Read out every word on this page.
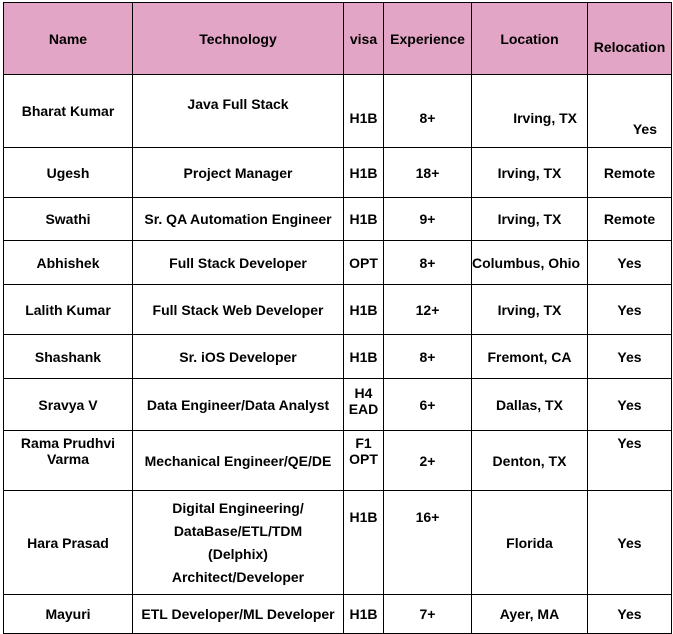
Name	Technology	visa	Experience	Location	Relocation

Bharat Kumar	Java Full Stack	H1B	8+	Irving, TX	Yes

Ugesh	Project Manager	H1B	18+	Irving, TX	Remote

Swathi	Sr. QA Automation Engineer	H1B	9+	Irving, TX	Remote

Abhishek	Full Stack Developer	OPT	8+	Columbus, Ohio	Yes

Lalith Kumar	Full Stack Web Developer	H1B	12+	Irving, TX	Yes

Shashank	Sr. iOS Developer	H1B	8+	Fremont, CA	Yes

Sravya V	Data Engineer/Data Analyst	H4
EAD	6+	Dallas, TX	Yes

Rama Prudhvi
Varma	Mechanical Engineer/QE/DE	F1
OPT	2+	Denton, TX	Yes

Hara Prasad	Digital Engineering/
DataBase/ETL/TDM
(Delphix)
Architect/Developer	H1B	16+	Florida	Yes

Mayuri	ETL Developer/ML Developer	H1B	7+	Ayer, MA	Yes
